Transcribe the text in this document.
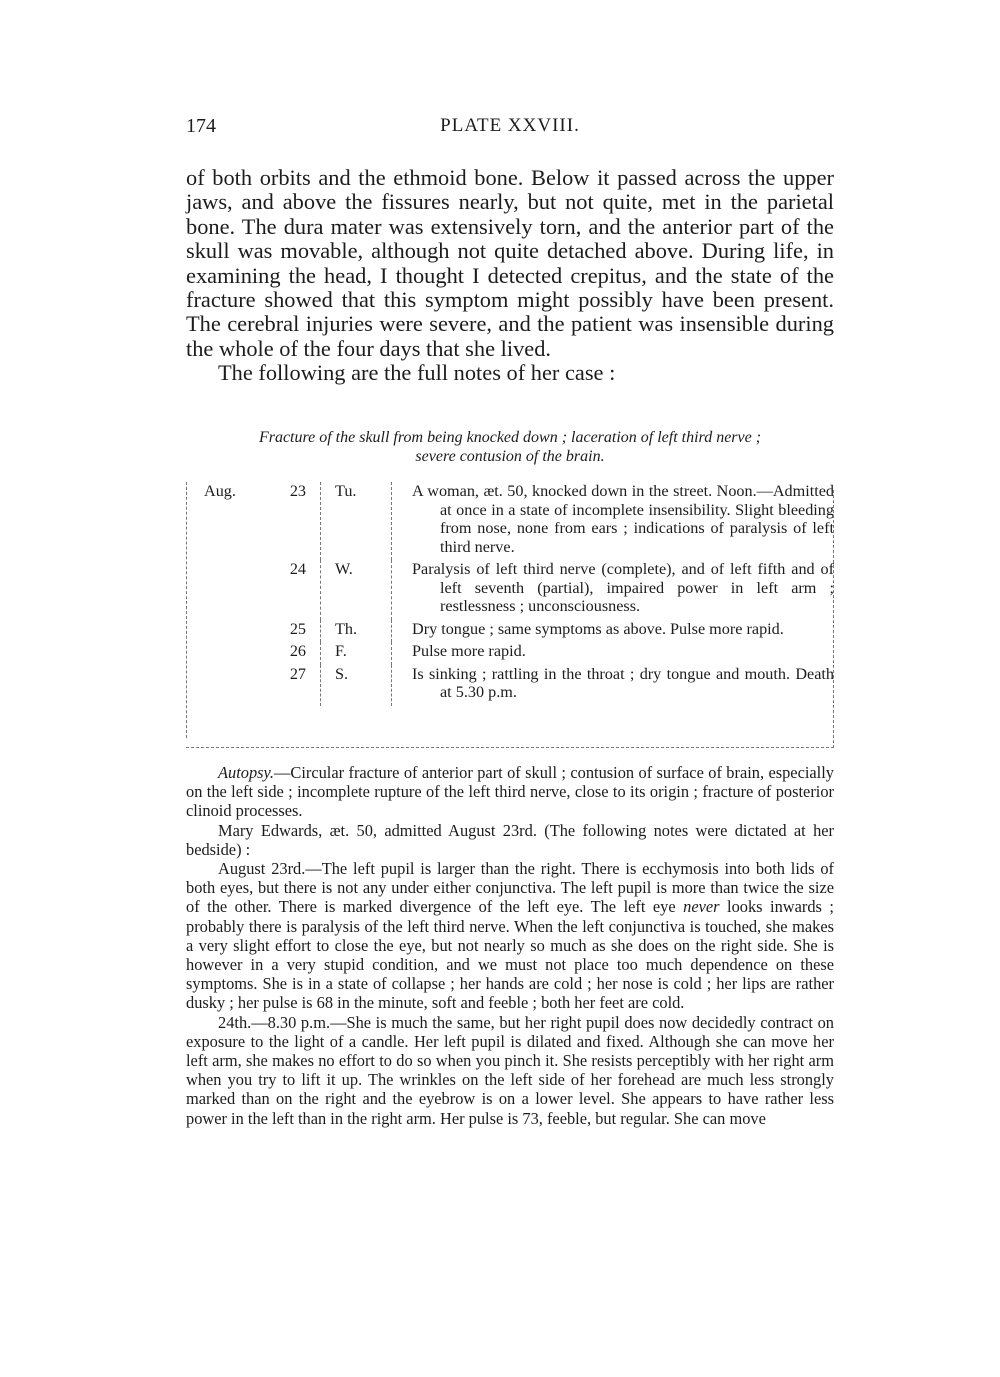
174	PLATE XXVIII.

of both orbits and the ethmoid bone. Below it passed across the upper jaws, and above the fissures nearly, but not quite, met in the parietal bone. The dura mater was extensively torn, and the anterior part of the skull was movable, although not quite detached above. During life, in examining the head, I thought I detected crepitus, and the state of the fracture showed that this symptom might possibly have been present. The cerebral injuries were severe, and the patient was insensible during the whole of the four days that she lived.

The following are the full notes of her case :

Fracture of the skull from being knocked down ; laceration of left third nerve ;
severe contusion of the brain.
Aug.	23	Tu.	A woman, æt. 50, knocked down in the street. Noon.—Admitted at once in a state of incomplete insensibility. Slight bleeding from nose, none from ears ; indications of paralysis of left third nerve.

	24	W.	Paralysis of left third nerve (complete), and of left fifth and of left seventh (partial), impaired power in left arm ; restlessness ; unconsciousness.

	25	Th.	Dry tongue ; same symptoms as above. Pulse more rapid.

	26	F.	Pulse more rapid.

	27	S.	Is sinking ; rattling in the throat ; dry tongue and mouth. Death at 5.30 p.m.

Autopsy.—Circular fracture of anterior part of skull ; contusion of surface of brain, especially on the left side ; incomplete rupture of the left third nerve, close to its origin ; fracture of posterior clinoid processes.

Mary Edwards, æt. 50, admitted August 23rd. (The following notes were dictated at her bedside) :

August 23rd.—The left pupil is larger than the right. There is ecchymosis into both lids of both eyes, but there is not any under either conjunctiva. The left pupil is more than twice the size of the other. There is marked divergence of the left eye. The left eye never looks inwards ; probably there is paralysis of the left third nerve. When the left conjunctiva is touched, she makes a very slight effort to close the eye, but not nearly so much as she does on the right side. She is however in a very stupid condition, and we must not place too much dependence on these symptoms. She is in a state of collapse ; her hands are cold ; her nose is cold ; her lips are rather dusky ; her pulse is 68 in the minute, soft and feeble ; both her feet are cold.

24th.—8.30 p.m.—She is much the same, but her right pupil does now decidedly contract on exposure to the light of a candle. Her left pupil is dilated and fixed. Although she can move her left arm, she makes no effort to do so when you pinch it. She resists perceptibly with her right arm when you try to lift it up. The wrinkles on the left side of her forehead are much less strongly marked than on the right and the eyebrow is on a lower level. She appears to have rather less power in the left than in the right arm. Her pulse is 73, feeble, but regular. She can move
